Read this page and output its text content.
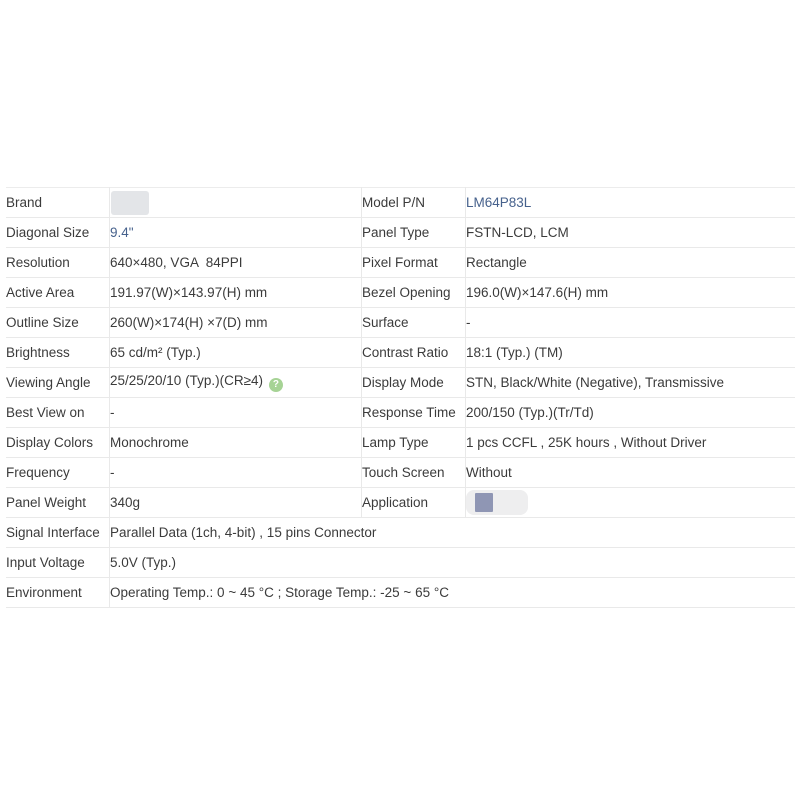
Brand		Model P/N	LM64P83L
Diagonal Size	9.4"	Panel Type	FSTN-LCD, LCM
Resolution	640×480, VGA  84PPI	Pixel Format	Rectangle
Active Area	191.97(W)×143.97(H) mm	Bezel Opening	196.0(W)×147.6(H) mm
Outline Size	260(W)×174(H) ×7(D) mm	Surface	-
Brightness	65 cd/m² (Typ.)	Contrast Ratio	18:1 (Typ.) (TM)
Viewing Angle	25/25/20/10 (Typ.)(CR≥4) ?	Display Mode	STN, Black/White (Negative), Transmissive
Best View on	-	Response Time	200/150 (Typ.)(Tr/Td)
Display Colors	Monochrome	Lamp Type	1 pcs CCFL , 25K hours , Without Driver
Frequency	-	Touch Screen	Without
Panel Weight	340g	Application	

Signal Interface	Parallel Data (1ch, 4-bit) , 15 pins Connector		
Input Voltage	5.0V (Typ.)		
Environment	Operating Temp.: 0 ~ 45 °C ; Storage Temp.: -25 ~ 65 °C		
